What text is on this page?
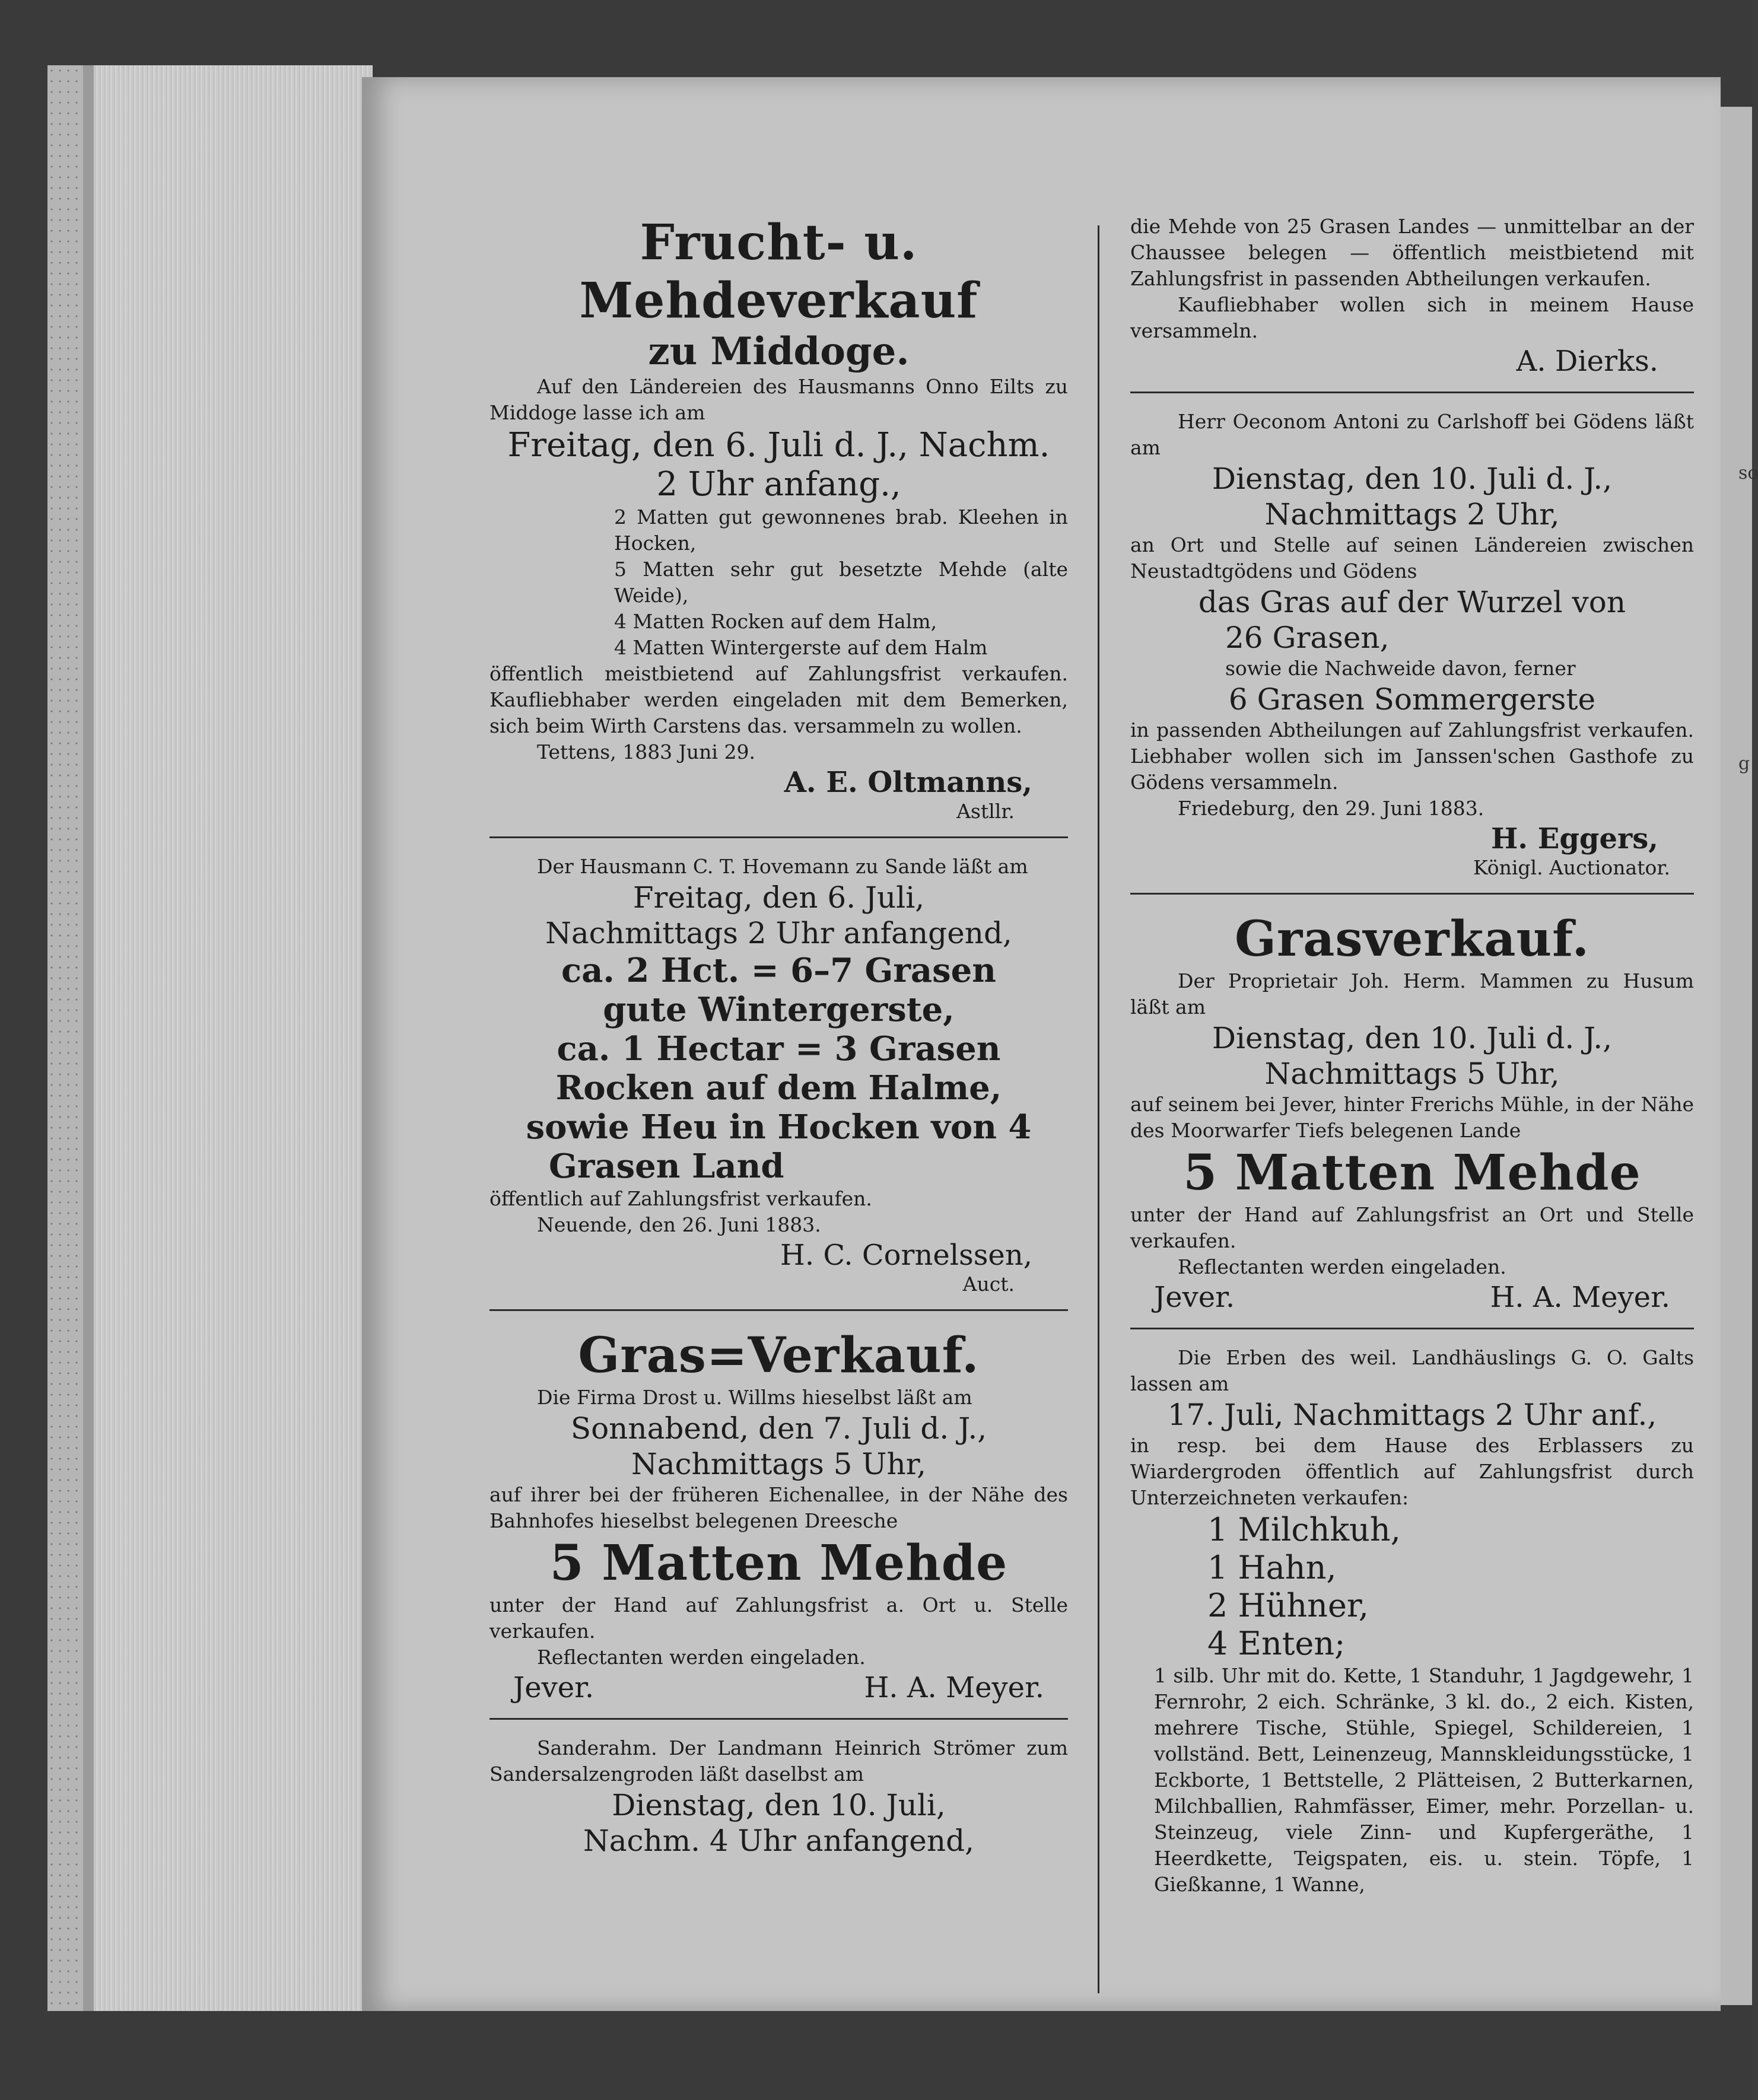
so
g
Frucht- u. Mehdeverkauf
zu Middoge.

Auf den Ländereien des Hausmanns Onno Eilts zu Middoge lasse ich am

Freitag, den 6. Juli d. J., Nachm.
2 Uhr anfang.,

2 Matten gut gewonnenes brab. Kleehen in Hocken,

5 Matten sehr gut besetzte Mehde (alte Weide),

4 Matten Rocken auf dem Halm,

4 Matten Wintergerste auf dem Halm

öffentlich meistbietend auf Zahlungsfrist verkaufen. Kaufliebhaber werden eingeladen mit dem Bemerken, sich beim Wirth Carstens das. versammeln zu wollen.

Tettens, 1883 Juni 29.

A. E. Oltmanns,
Astllr.

Der Hausmann C. T. Hovemann zu Sande läßt am

Freitag, den 6. Juli,
Nachmittags 2 Uhr anfangend,
ca. 2 Hct. = 6–7 Grasen
gute Wintergerste,
ca. 1 Hectar = 3 Grasen
Rocken auf dem Halme,
sowie Heu in Hocken von 4
Grasen Land

öffentlich auf Zahlungsfrist verkaufen.

Neuende, den 26. Juni 1883.

H. C. Cornelssen,
Auct.
Gras=Verkauf.

Die Firma Drost u. Willms hieselbst läßt am

Sonnabend, den 7. Juli d. J.,
Nachmittags 5 Uhr,

auf ihrer bei der früheren Eichenallee, in der Nähe des Bahnhofes hieselbst belegenen Dreesche

5 Matten Mehde

unter der Hand auf Zahlungsfrist a. Ort u. Stelle verkaufen.

Reflectanten werden eingeladen.

Jever.	H. A. Meyer.

Sanderahm. Der Landmann Heinrich Strömer zum Sandersalzengroden läßt daselbst am

Dienstag, den 10. Juli,
Nachm. 4 Uhr anfangend,

die Mehde von 25 Grasen Landes — unmittelbar an der Chaussee belegen — öffentlich meistbietend mit Zahlungsfrist in passenden Abtheilungen verkaufen.

Kaufliebhaber wollen sich in meinem Hause versammeln.

A. Dierks.

Herr Oeconom Antoni zu Carlshoff bei Gödens läßt am

Dienstag, den 10. Juli d. J.,
Nachmittags 2 Uhr,

an Ort und Stelle auf seinen Ländereien zwischen Neustadtgödens und Gödens

das Gras auf der Wurzel von
26 Grasen,

sowie die Nachweide davon, ferner

6 Grasen Sommergerste

in passenden Abtheilungen auf Zahlungsfrist verkaufen. Liebhaber wollen sich im Janssen'schen Gasthofe zu Gödens versammeln.

Friedeburg, den 29. Juni 1883.

H. Eggers,
Königl. Auctionator.
Grasverkauf.

Der Proprietair Joh. Herm. Mammen zu Husum läßt am

Dienstag, den 10. Juli d. J.,
Nachmittags 5 Uhr,

auf seinem bei Jever, hinter Frerichs Mühle, in der Nähe des Moorwarfer Tiefs belegenen Lande

5 Matten Mehde

unter der Hand auf Zahlungsfrist an Ort und Stelle verkaufen.

Reflectanten werden eingeladen.

Jever.	H. A. Meyer.

Die Erben des weil. Landhäuslings G. O. Galts lassen am

17. Juli, Nachmittags 2 Uhr anf.,

in resp. bei dem Hause des Erblassers zu Wiardergroden öffentlich auf Zahlungsfrist durch Unterzeichneten verkaufen:

1 Milchkuh,
1 Hahn,
2 Hühner,
4 Enten;

1 silb. Uhr mit do. Kette, 1 Standuhr, 1 Jagdgewehr, 1 Fernrohr, 2 eich. Schränke, 3 kl. do., 2 eich. Kisten, mehrere Tische, Stühle, Spiegel, Schildereien, 1 vollständ. Bett, Leinenzeug, Mannskleidungsstücke, 1 Eckborte, 1 Bettstelle, 2 Plätteisen, 2 Butterkarnen, Milchballien, Rahmfässer, Eimer, mehr. Porzellan- u. Steinzeug, viele Zinn- und Kupfergeräthe, 1 Heerdkette, Teigspaten, eis. u. stein. Töpfe, 1 Gießkanne, 1 Wanne,
